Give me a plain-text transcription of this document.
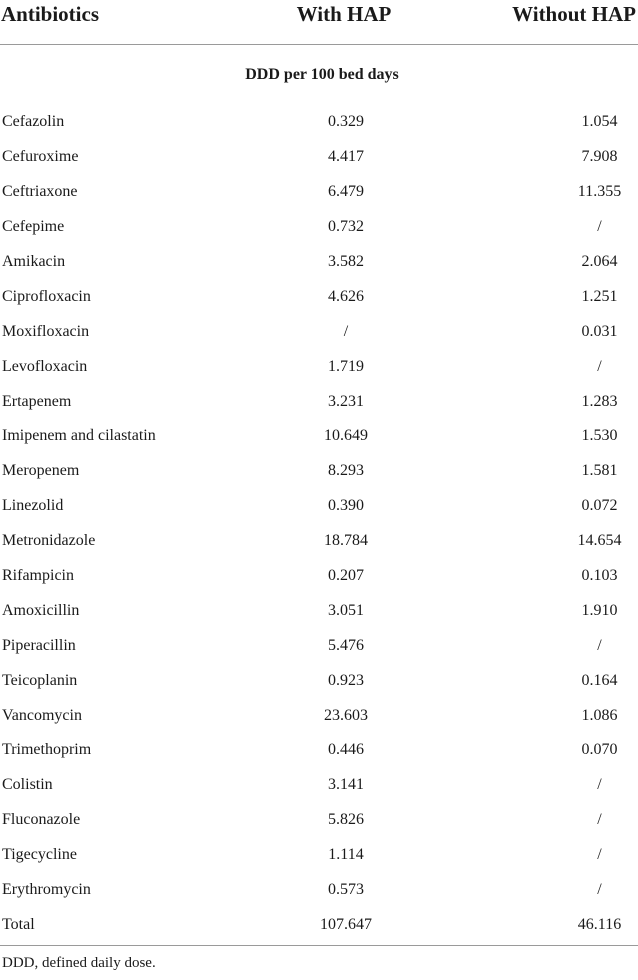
Antibiotics	With HAP	Without HAP
DDD per 100 bed days		
Cefazolin	0.329	1.054
Cefuroxime	4.417	7.908
Ceftriaxone	6.479	11.355
Cefepime	0.732	/
Amikacin	3.582	2.064
Ciprofloxacin	4.626	1.251
Moxifloxacin	/	0.031
Levofloxacin	1.719	/
Ertapenem	3.231	1.283
Imipenem and cilastatin	10.649	1.530
Meropenem	8.293	1.581
Linezolid	0.390	0.072
Metronidazole	18.784	14.654
Rifampicin	0.207	0.103
Amoxicillin	3.051	1.910
Piperacillin	5.476	/
Teicoplanin	0.923	0.164
Vancomycin	23.603	1.086
Trimethoprim	0.446	0.070
Colistin	3.141	/
Fluconazole	5.826	/
Tigecycline	1.114	/
Erythromycin	0.573	/
Total	107.647	46.116
DDD, defined daily dose.
